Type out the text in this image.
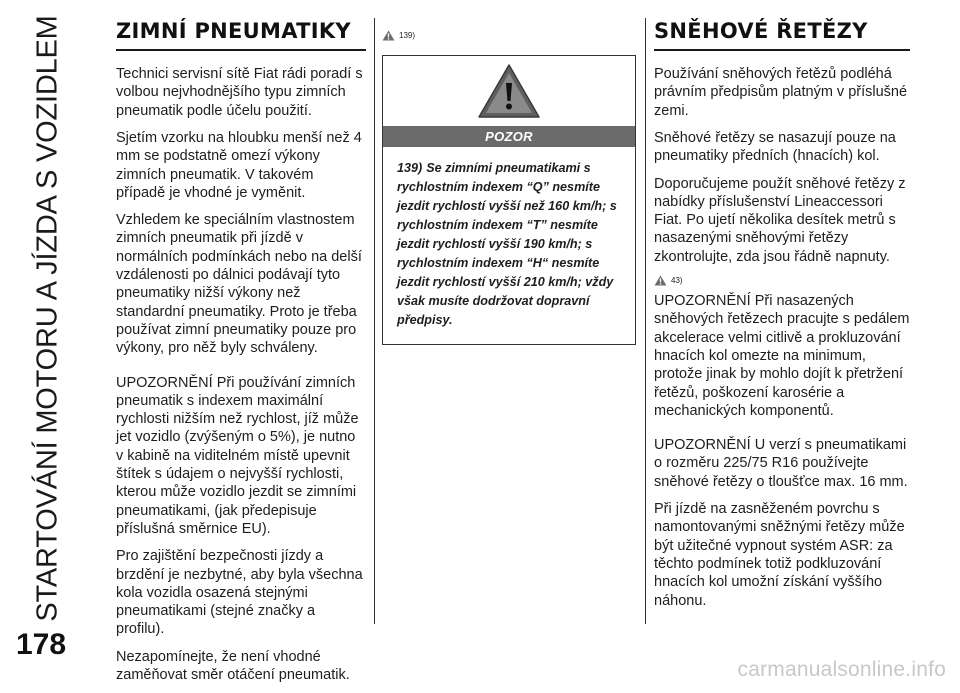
STARTOVÁNÍ MOTORU A JÍZDA S VOZIDLEM
178
ZIMNÍ PNEUMATIKY

Technici servisní sítě Fiat rádi poradí s volbou nejvhodnějšího typu zimních pneumatik podle účelu použití.

Sjetím vzorku na hloubku menší než 4 mm se podstatně omezí výkony zimních pneumatik. V takovém případě je vhodné je vyměnit.

Vzhledem ke speciálním vlastnostem zimních pneumatik při jízdě v normálních podmínkách nebo na delší vzdálenosti po dálnici podávají tyto pneumatiky nižší výkony než standardní pneumatiky. Proto je třeba používat zimní pneumatiky pouze pro výkony, pro něž byly schváleny.

UPOZORNĚNÍ Při používání zimních pneumatik s indexem maximální rychlosti nižším než rychlost, jíž může jet vozidlo (zvýšeným o 5%), je nutno v kabině na viditelném místě upevnit štítek s údajem o nejvyšší rychlosti, kterou může vozidlo jezdit se zimními pneumatikami, (jak předepisuje příslušná směrnice EU).

Pro zajištění bezpečnosti jízdy a brzdění je nezbytné, aby byla všechna kola vozidla osazená stejnými pneumatikami (stejné značky a profilu).

Nezapomínejte, že není vhodné zaměňovat směr otáčení pneumatik.

139)
POZOR
139) Se zimními pneumatikami s rychlostním indexem “Q” nesmíte jezdit rychlostí vyšší než 160 km/h; s rychlostním indexem “T” nesmíte jezdit rychlostí vyšší 190 km/h; s rychlostním indexem “H“ nesmíte jezdit rychlostí vyšší 210 km/h; vždy však musíte dodržovat dopravní předpisy.
SNĚHOVÉ ŘETĚZY

Používání sněhových řetězů podléhá právním předpisům platným v příslušné zemi.

Sněhové řetězy se nasazují pouze na pneumatiky předních (hnacích) kol.

Doporučujeme použít sněhové řetězy z nabídky příslušenství Lineaccessori Fiat. Po ujetí několika desítek metrů s nasazenými sněhovými řetězy zkontrolujte, zda jsou řádně napnuty.

43)

UPOZORNĚNÍ Při nasazených sněhových řetězech pracujte s pedálem akcelerace velmi citlivě a prokluzování hnacích kol omezte na minimum, protože jinak by mohlo dojít k přetržení řetězů, poškození karosérie a mechanických komponentů.

UPOZORNĚNÍ U verzí s pneumatikami o rozměru 225/75 R16 používejte sněhové řetězy o tloušťce max. 16 mm.

Při jízdě na zasněženém povrchu s namontovanými sněžnými řetězy může být užitečné vypnout systém ASR: za těchto podmínek totiž podkluzování hnacích kol umožní získání vyššího náhonu.

carmanualsonline.info
